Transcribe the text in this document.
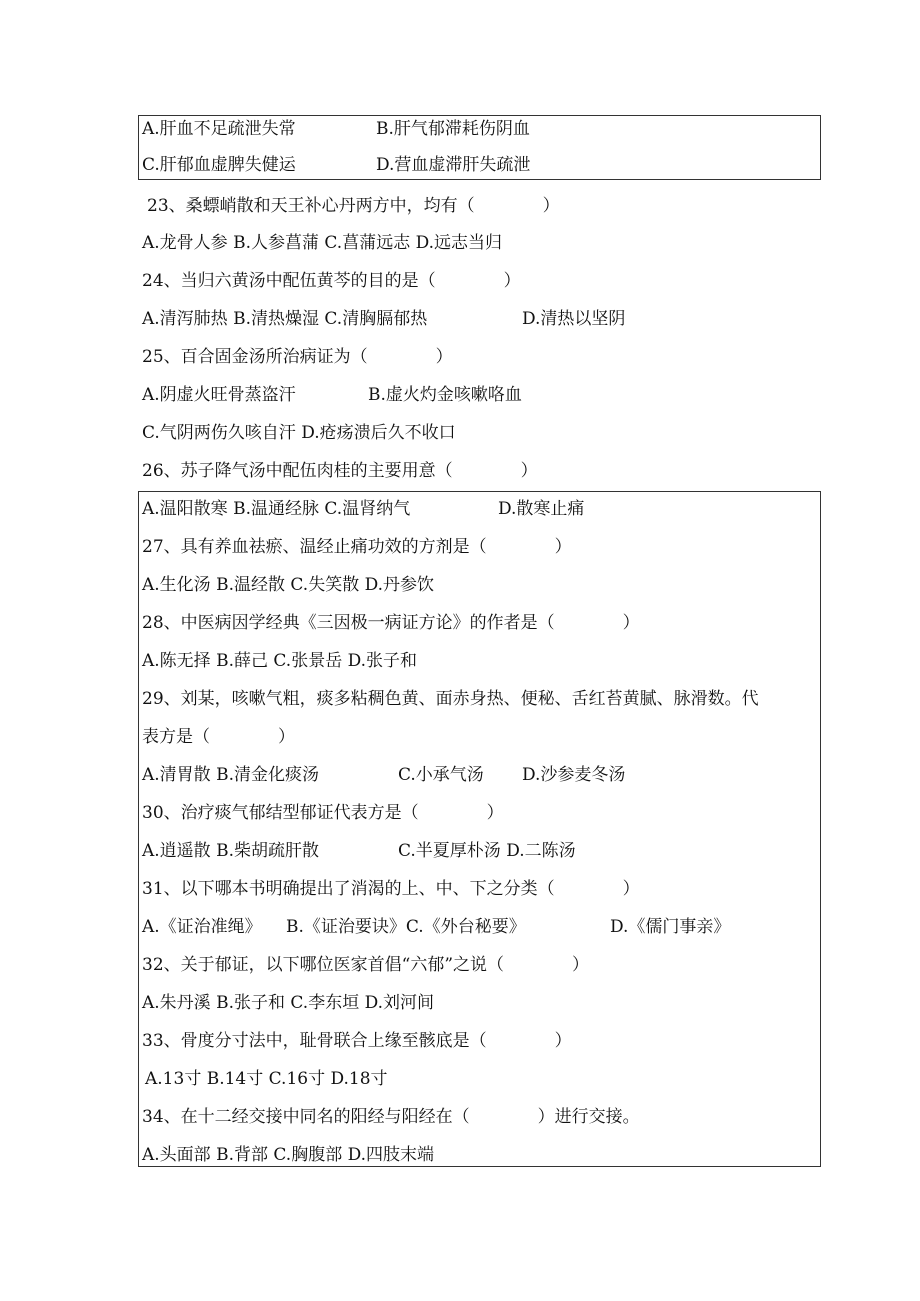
A.肝血不足疏泄失常	B.肝气郁滞耗伤阴血
C.肝郁血虚脾失健运	D.营血虚滞肝失疏泄
23、桑螵峭散和天王补心丹两方中，均有（　　　　）
A.龙骨人参 B.人参菖蒲 C.菖蒲远志 D.远志当归
24、当归六黄汤中配伍黄芩的目的是（　　　　）
A.清泻肺热 B.清热燥湿 C.清胸膈郁热	D.清热以坚阴
25、百合固金汤所治病证为（　　　　）
A.阴虚火旺骨蒸盗汗	B.虚火灼金咳嗽咯血
C.气阴两伤久咳自汗 D.疮疡溃后久不收口
26、苏子降气汤中配伍肉桂的主要用意（　　　　）
A.温阳散寒 B.温通经脉 C.温肾纳气	D.散寒止痛
27、具有养血祛瘀、温经止痛功效的方剂是（　　　　）
A.生化汤 B.温经散 C.失笑散 D.丹参饮
28、中医病因学经典《三因极一病证方论》的作者是（　　　　）
A.陈无择 B.薛己 C.张景岳 D.张子和
29、刘某，咳嗽气粗，痰多粘稠色黄、面赤身热、便秘、舌红苔黄腻、脉滑数。代
表方是（　　　　）
A.清胃散 B.清金化痰汤	C.小承气汤 D.沙参麦冬汤
30、治疗痰气郁结型郁证代表方是（　　　　）
A.逍遥散 B.柴胡疏肝散	C.半夏厚朴汤 D.二陈汤
31、以下哪本书明确提出了消渴的上、中、下之分类（　　　　）
A.《证治准绳》 B.《证治要诀》C.《外台秘要》	D.《儒门事亲》
32、关于郁证，以下哪位医家首倡“六郁”之说（　　　　）
A.朱丹溪 B.张子和 C.李东垣 D.刘河间
33、骨度分寸法中，耻骨联合上缘至骸底是（　　　　）
A.13寸 B.14寸 C.16寸 D.18寸
34、在十二经交接中同名的阳经与阳经在（　　　　）进行交接。
A.头面部 B.背部 C.胸腹部 D.四肢末端
